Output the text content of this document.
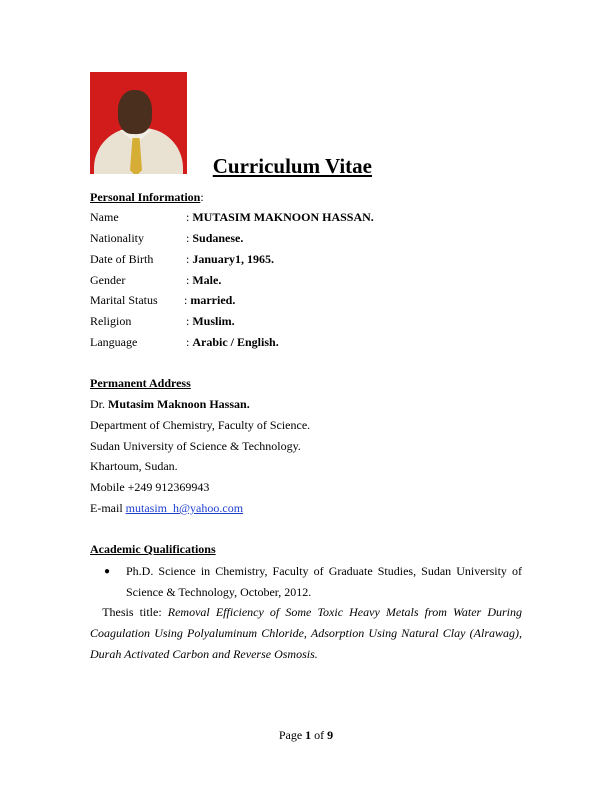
Curriculum Vitae
Personal Information:
Name	: MUTASIM MAKNOON HASSAN.
Nationality	: Sudanese.
Date of Birth	: January1, 1965.
Gender	: Male.
Marital Status : married.
Religion	: Muslim.
Language	: Arabic / English.
Permanent Address
Dr. Mutasim Maknoon Hassan.
Department of Chemistry, Faculty of Science.
Sudan University of Science & Technology.
Khartoum, Sudan.
Mobile +249 912369943
E-mail mutasim_h@yahoo.com
Academic Qualifications
● Ph.D. Science in Chemistry, Faculty of Graduate Studies, Sudan University of Science & Technology, October, 2012.
Thesis title: Removal Efficiency of Some Toxic Heavy Metals from Water During Coagulation Using Polyaluminum Chloride, Adsorption Using Natural Clay (Alrawag), Durah Activated Carbon and Reverse Osmosis.
Page 1 of 9
